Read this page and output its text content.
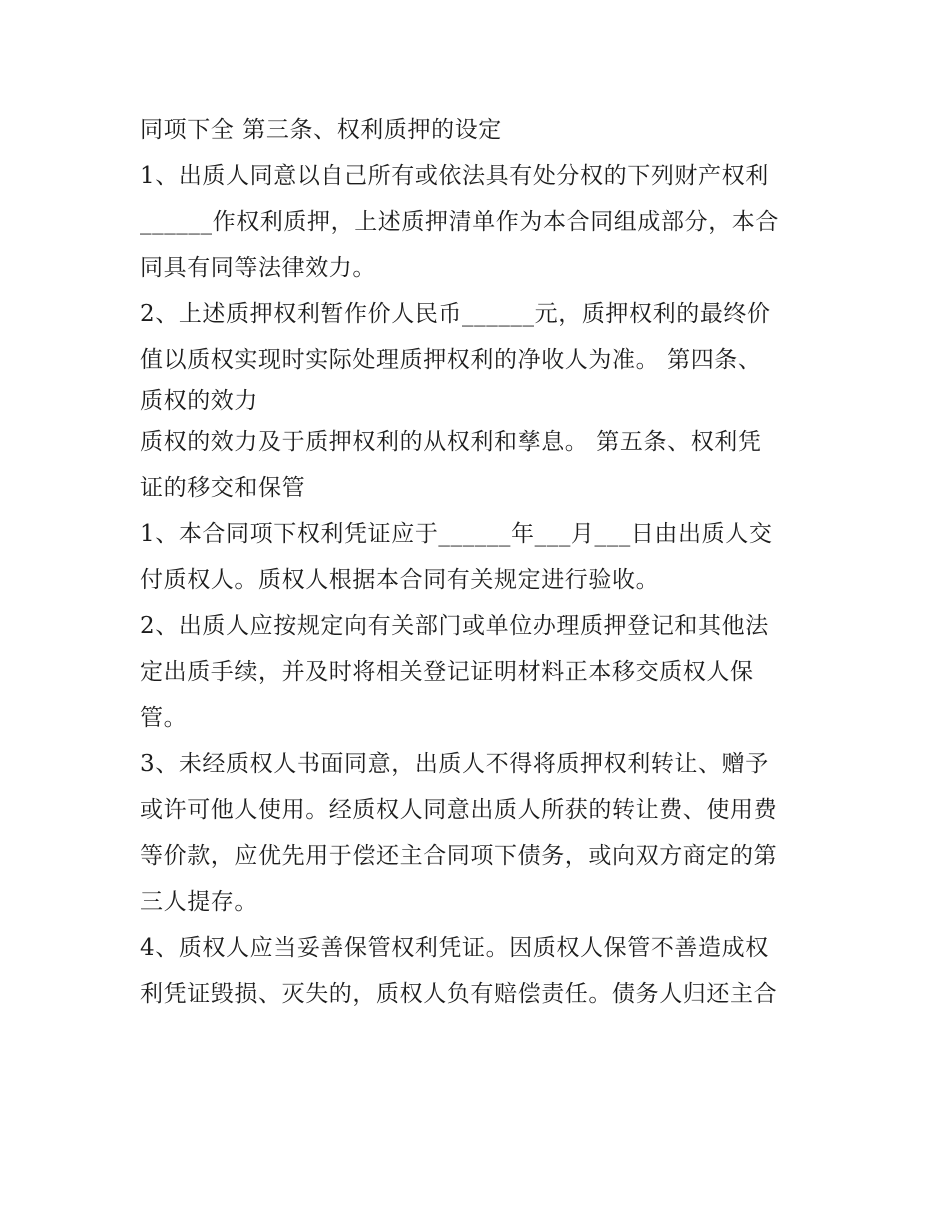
同项下全 第三条、权利质押的设定
1、出质人同意以自己所有或依法具有处分权的下列财产权利
______作权利质押，上述质押清单作为本合同组成部分，本合
同具有同等法律效力。
2、上述质押权利暂作价人民币______元，质押权利的最终价
值以质权实现时实际处理质押权利的净收人为准。 第四条、
质权的效力
质权的效力及于质押权利的从权利和孳息。 第五条、权利凭
证的移交和保管
1、本合同项下权利凭证应于______年___月___日由出质人交
付质权人。质权人根据本合同有关规定进行验收。
2、出质人应按规定向有关部门或单位办理质押登记和其他法
定出质手续，并及时将相关登记证明材料正本移交质权人保
管。
3、未经质权人书面同意，出质人不得将质押权利转让、赠予
或许可他人使用。经质权人同意出质人所获的转让费、使用费
等价款，应优先用于偿还主合同项下债务，或向双方商定的第
三人提存。
4、质权人应当妥善保管权利凭证。因质权人保管不善造成权
利凭证毁损、灭失的，质权人负有赔偿责任。债务人归还主合
